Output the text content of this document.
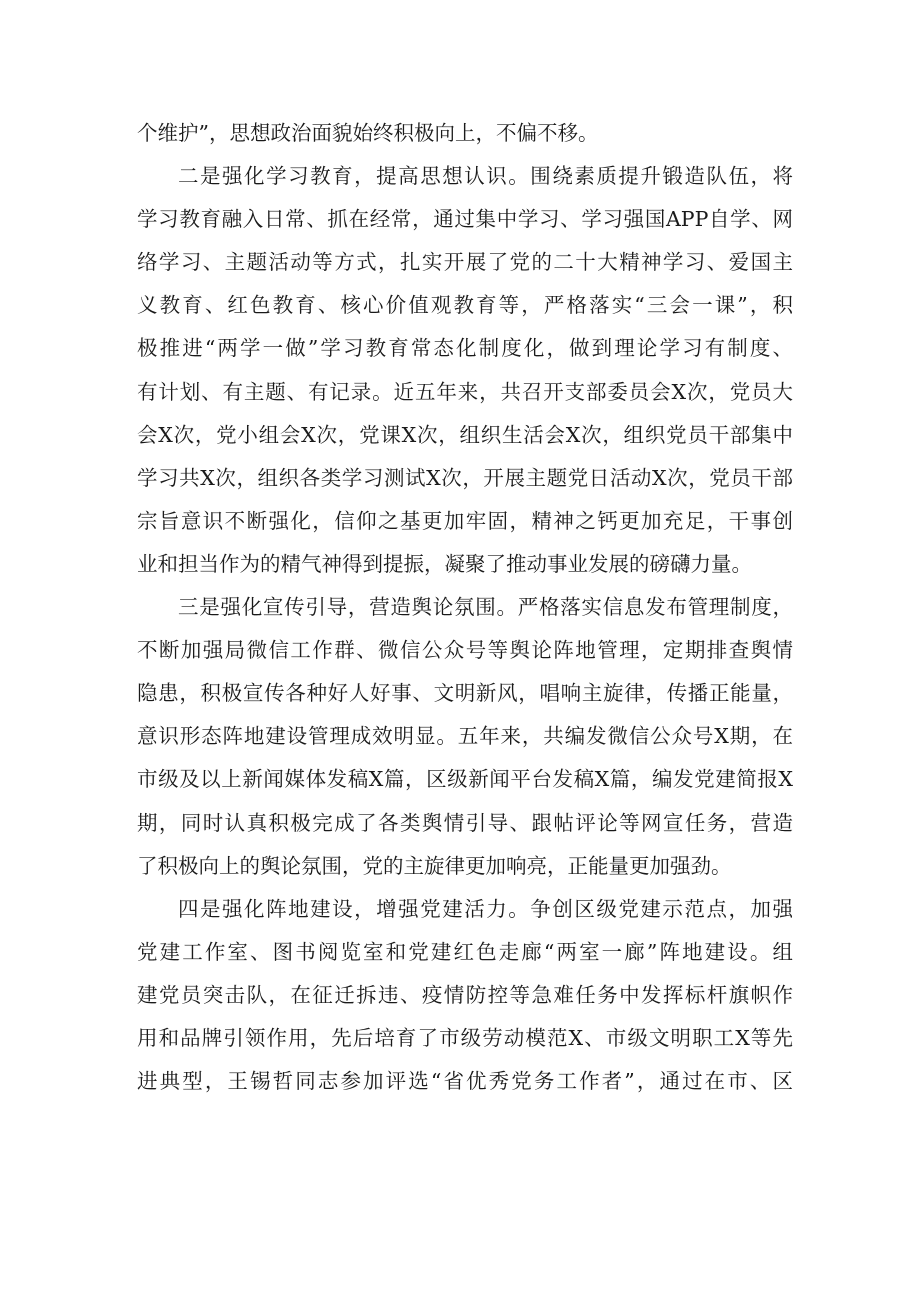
个维护”，思想政治面貌始终积极向上，不偏不移。
二是强化学习教育，提高思想认识。围绕素质提升锻造队伍，将
学习教育融入日常、抓在经常，通过集中学习、学习强国APP自学、网
络学习、主题活动等方式，扎实开展了党的二十大精神学习、爱国主
义教育、红色教育、核心价值观教育等，严格落实“三会一课”，积
极推进“两学一做”学习教育常态化制度化，做到理论学习有制度、
有计划、有主题、有记录。近五年来，共召开支部委员会X次，党员大
会X次，党小组会X次，党课X次，组织生活会X次，组织党员干部集中
学习共X次，组织各类学习测试X次，开展主题党日活动X次，党员干部
宗旨意识不断强化，信仰之基更加牢固，精神之钙更加充足，干事创
业和担当作为的精气神得到提振，凝聚了推动事业发展的磅礴力量。
三是强化宣传引导，营造舆论氛围。严格落实信息发布管理制度，
不断加强局微信工作群、微信公众号等舆论阵地管理，定期排查舆情
隐患，积极宣传各种好人好事、文明新风，唱响主旋律，传播正能量，
意识形态阵地建设管理成效明显。五年来，共编发微信公众号X期，在
市级及以上新闻媒体发稿X篇，区级新闻平台发稿X篇，编发党建简报X
期，同时认真积极完成了各类舆情引导、跟帖评论等网宣任务，营造
了积极向上的舆论氛围，党的主旋律更加响亮，正能量更加强劲。
四是强化阵地建设，增强党建活力。争创区级党建示范点，加强
党建工作室、图书阅览室和党建红色走廊“两室一廊”阵地建设。组
建党员突击队，在征迁拆违、疫情防控等急难任务中发挥标杆旗帜作
用和品牌引领作用，先后培育了市级劳动模范X、市级文明职工X等先
进典型，王锡哲同志参加评选“省优秀党务工作者”，通过在市、区
